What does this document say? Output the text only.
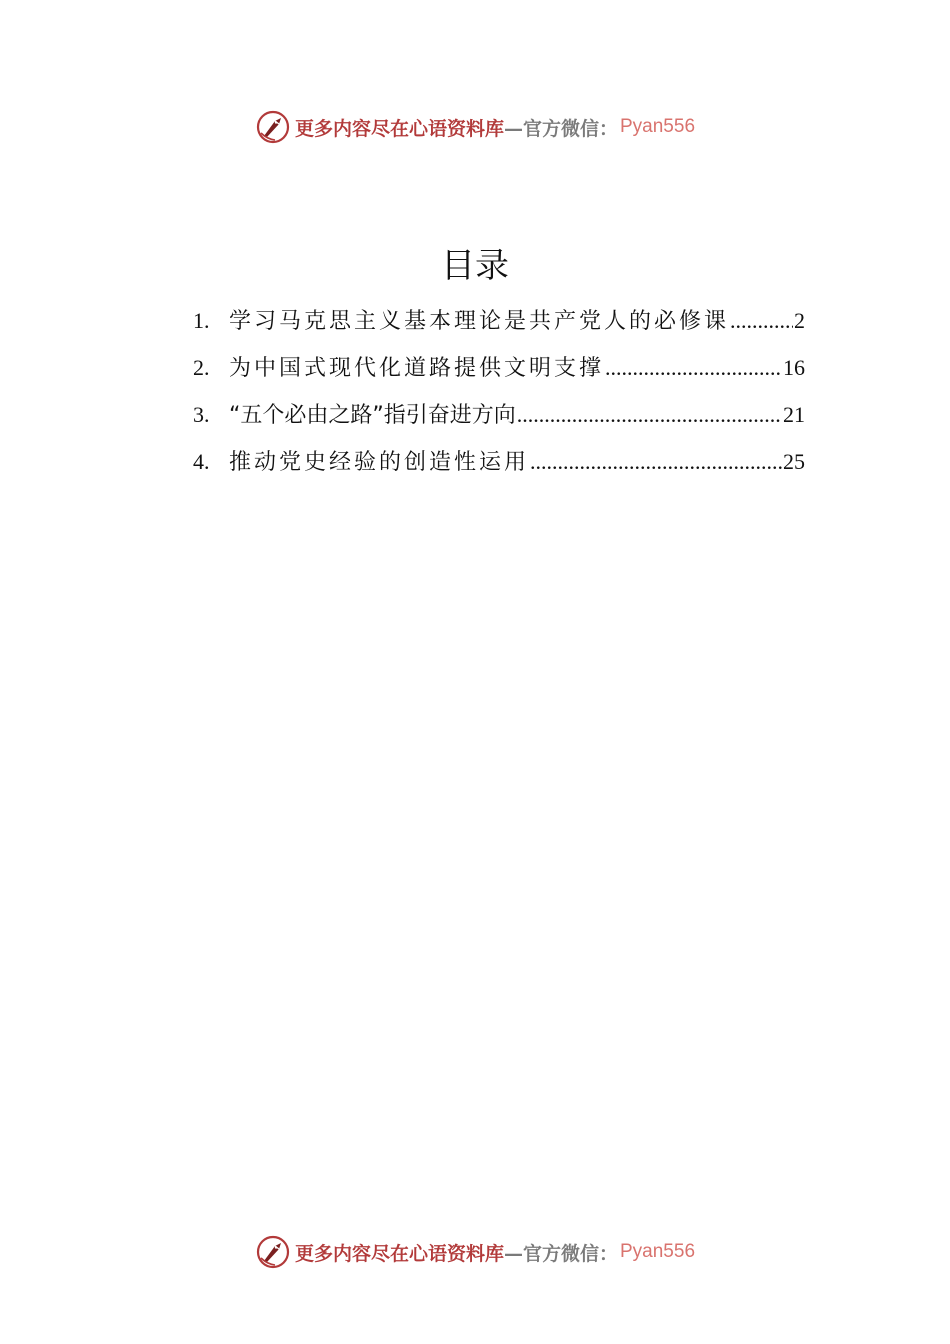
更多内容尽在心语资料库 —官方微信： Pyan556
目录
1. 学习马克思主义基本理论是共产党人的必修课 .....	2
2. 为中国式现代化道路提供文明支撑 .....	16
3. “五个必由之路”指引奋进方向 .....	21
4. 推动党史经验的创造性运用 .....	25
更多内容尽在心语资料库 —官方微信： Pyan556
